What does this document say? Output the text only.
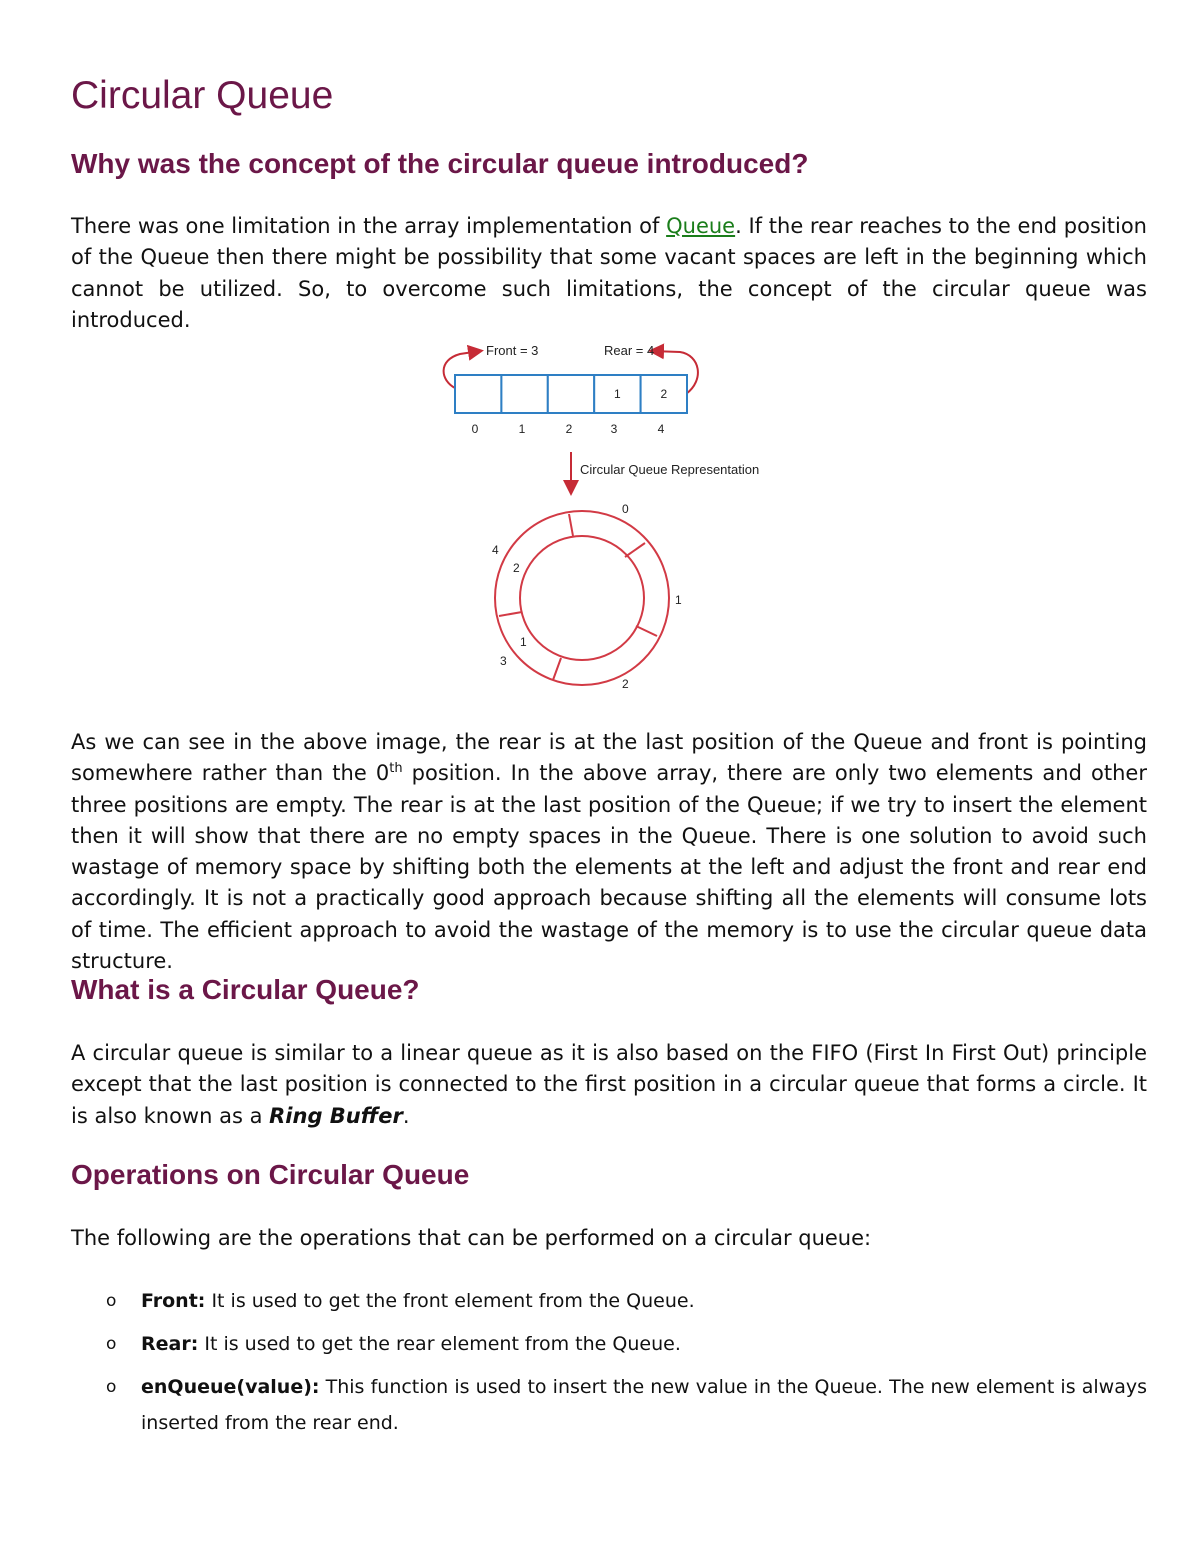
Circular Queue
Why was the concept of the circular queue introduced?

There was one limitation in the array implementation of Queue. If the rear reaches to the end position of the Queue then there might be possibility that some vacant spaces are left in the beginning which cannot be utilized. So, to overcome such limitations, the concept of the circular queue was introduced.

Front = 3	Rear = 4
1	2
0	1	2	3	4
Circular Queue Representation
0
1
2
3
4
2
1

As we can see in the above image, the rear is at the last position of the Queue and front is pointing somewhere rather than the 0th position. In the above array, there are only two elements and other three positions are empty. The rear is at the last position of the Queue; if we try to insert the element then it will show that there are no empty spaces in the Queue. There is one solution to avoid such wastage of memory space by shifting both the elements at the left and adjust the front and rear end accordingly. It is not a practically good approach because shifting all the elements will consume lots of time. The efficient approach to avoid the wastage of the memory is to use the circular queue data structure.

What is a Circular Queue?

A circular queue is similar to a linear queue as it is also based on the FIFO (First In First Out) principle except that the last position is connected to the first position in a circular queue that forms a circle. It is also known as a Ring Buffer.

Operations on Circular Queue

The following are the operations that can be performed on a circular queue:

o Front: It is used to get the front element from the Queue.
o Rear: It is used to get the rear element from the Queue.
o enQueue(value): This function is used to insert the new value in the Queue. The new element is always inserted from the rear end.
